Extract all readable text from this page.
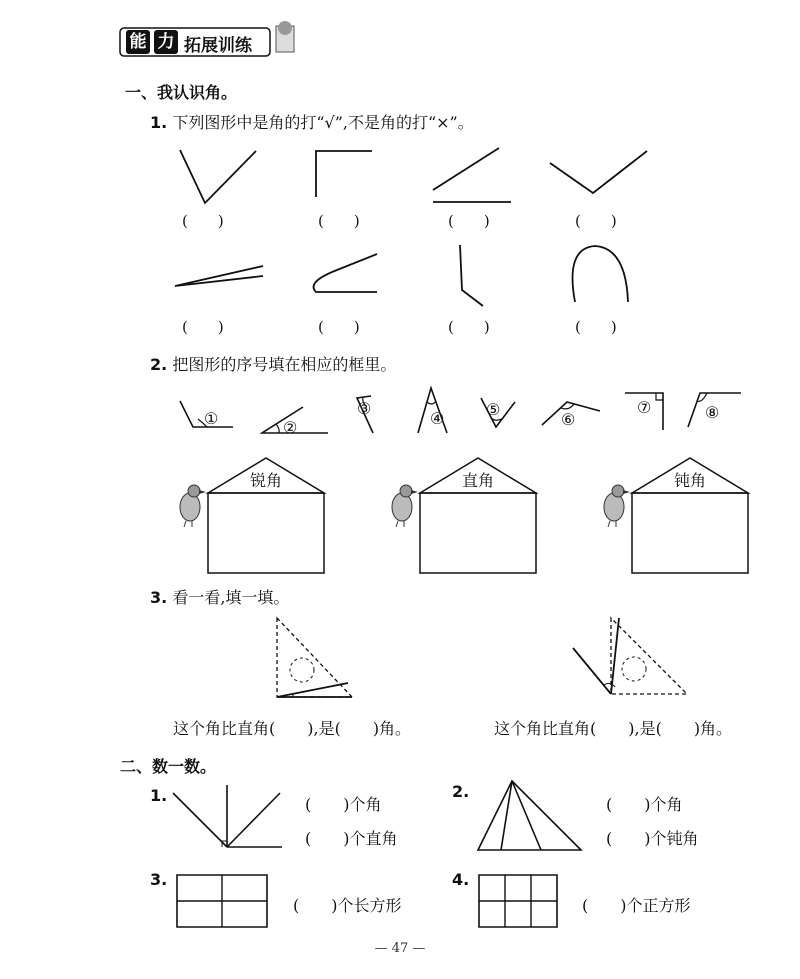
能 力 拓展训练
一、我认识角。
1. 下列图形中是角的打“√”,不是角的打“×”。
(　　)	(　　)	(　　)	(　　)
(　　)	(　　)	(　　)	(　　)
2. 把图形的序号填在相应的框里。
①	②
③
④	⑤
⑥
⑦	⑧
锐角	直角	钝角
3. 看一看,填一填。
这个角比直角(　　),是(　　)角。	这个角比直角(　　),是(　　)角。
二、数一数。
1.	(　　)个角
(　　)个直角
2.
(　　)个角
(　　)个钝角
3.
(　　)个长方形
4.
(　　)个正方形
— 47 —
